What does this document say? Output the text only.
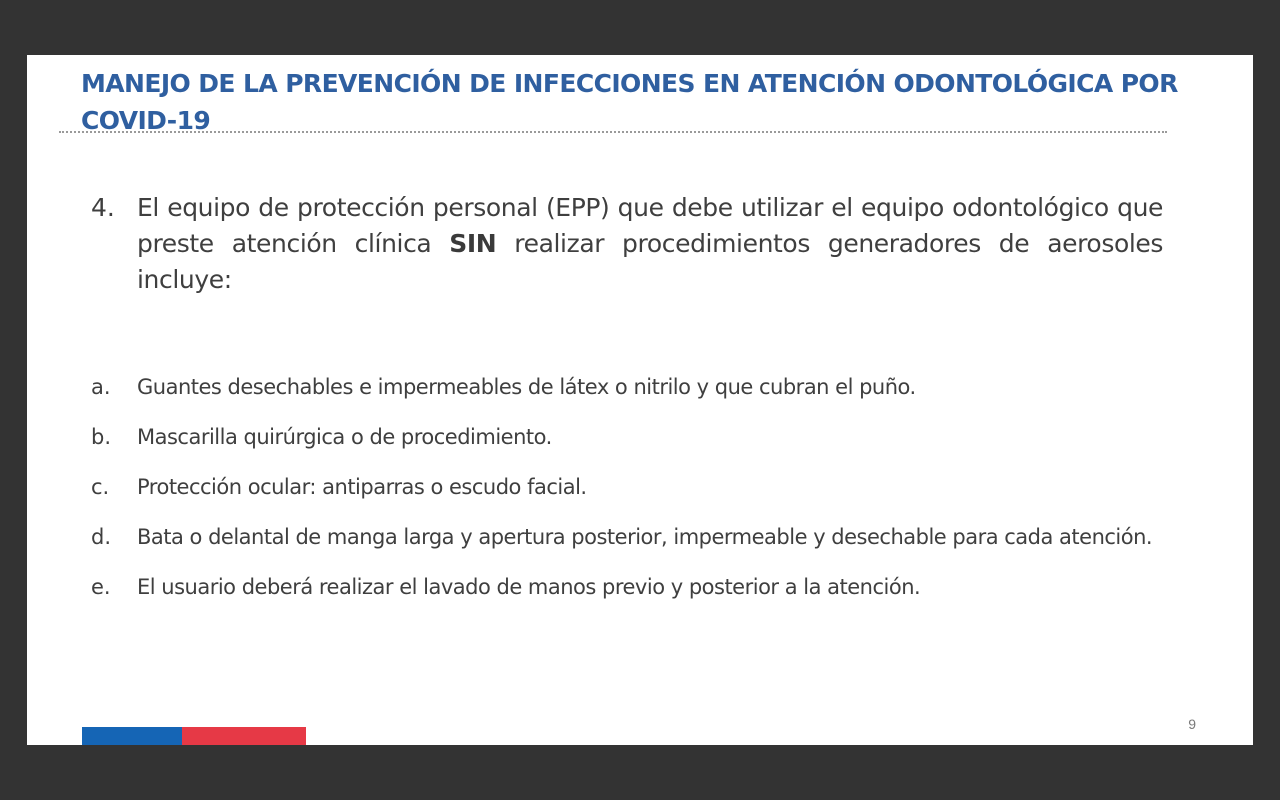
MANEJO DE LA PREVENCIÓN DE INFECCIONES EN ATENCIÓN ODONTOLÓGICA POR COVID-19
4. El equipo de protección personal (EPP) que debe utilizar el equipo odontológico que preste atención clínica SIN realizar procedimientos generadores de aerosoles incluye:
a.	Guantes desechables e impermeables de látex o nitrilo y que cubran el puño.
b.	Mascarilla quirúrgica o de procedimiento.
c.	Protección ocular: antiparras o escudo facial.
d.	Bata o delantal de manga larga y apertura posterior, impermeable y desechable para cada atención.
e.	El usuario deberá realizar el lavado de manos previo y posterior a la atención.
9
